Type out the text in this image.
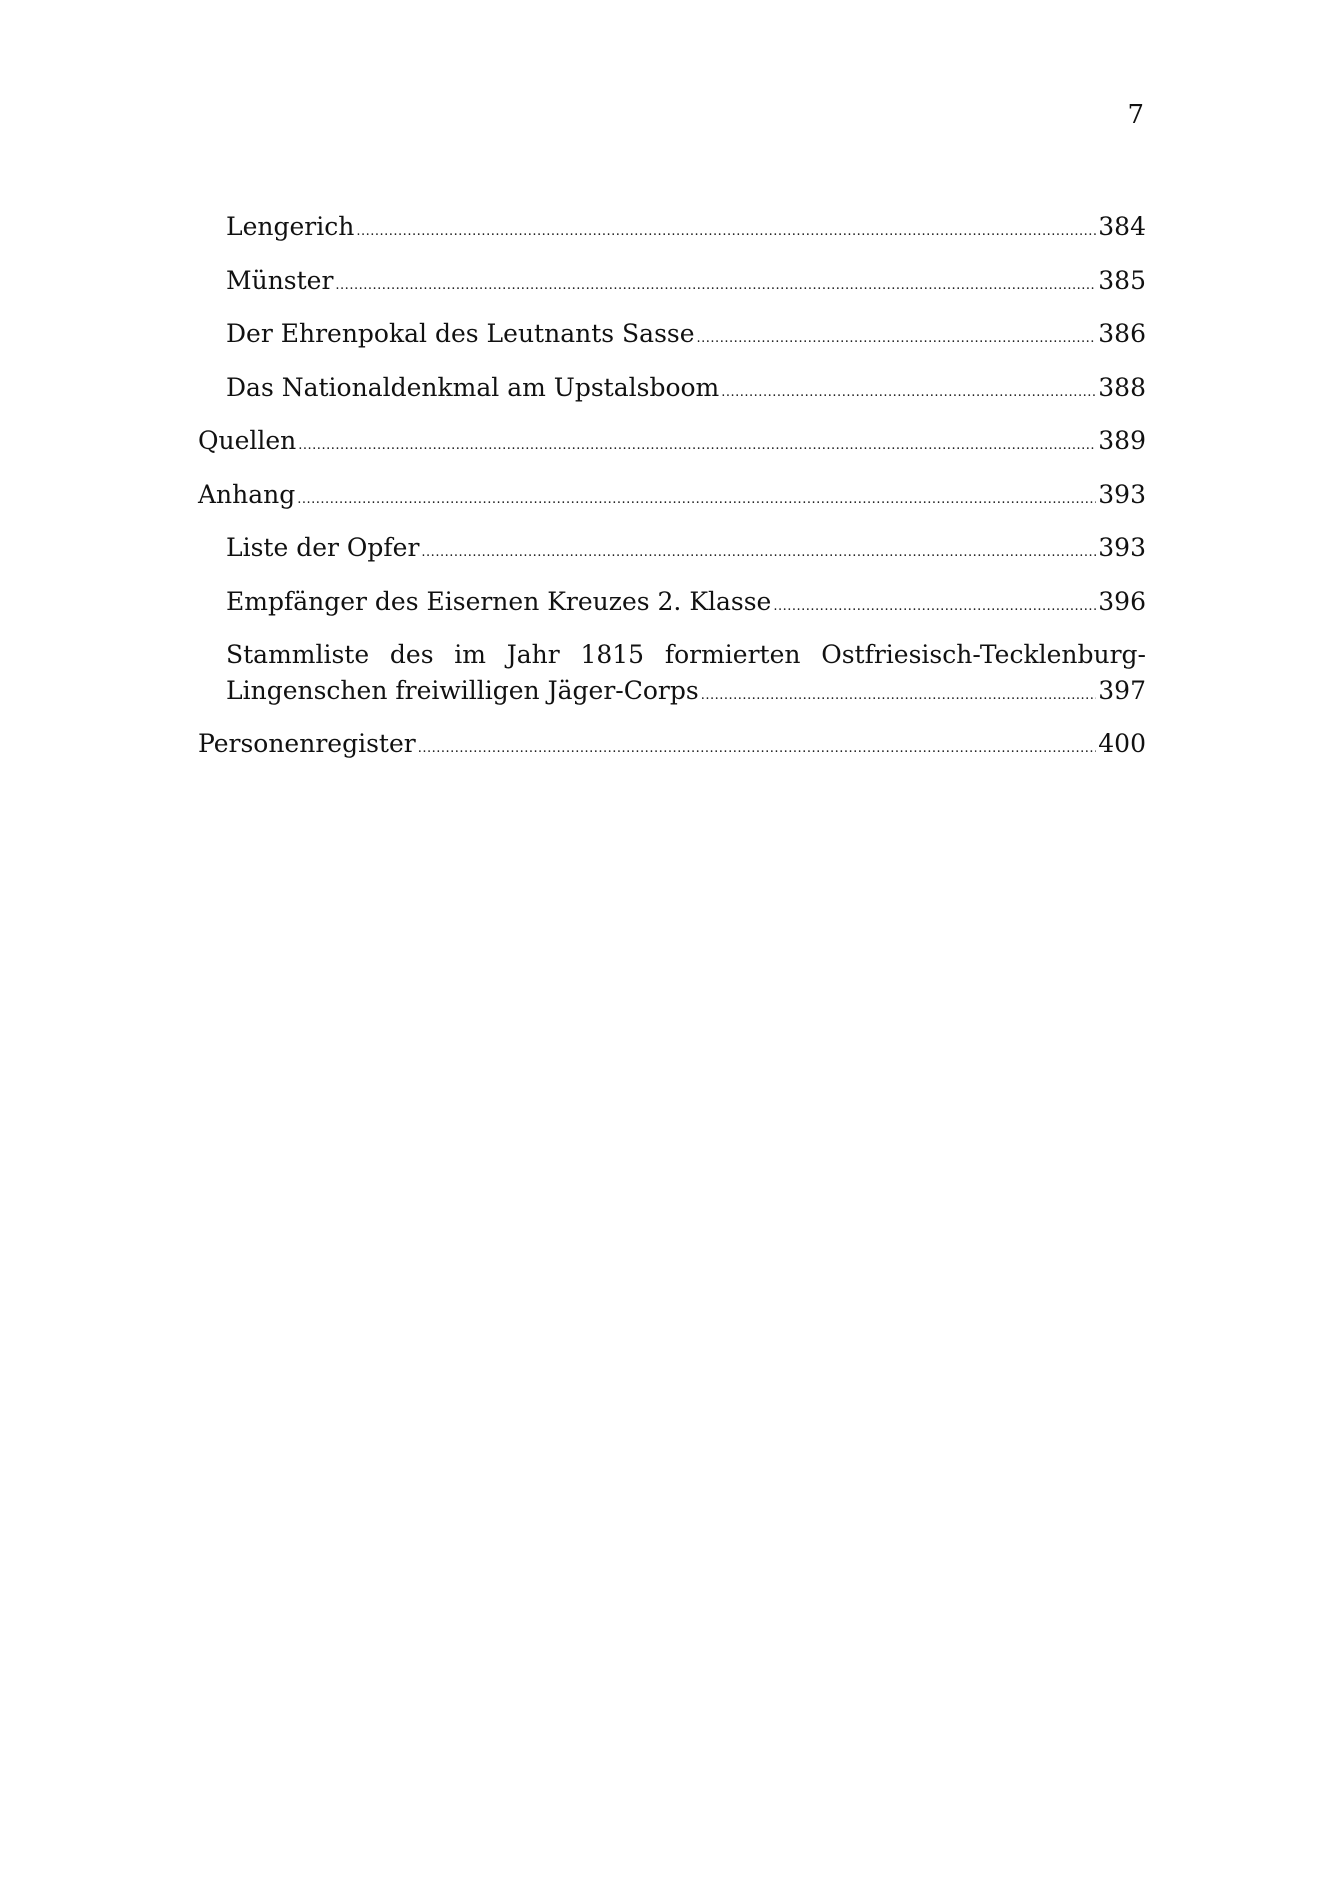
7
Lengerich .....	384
Münster .....	385
Der Ehrenpokal des Leutnants Sasse .....	386
Das Nationaldenkmal am Upstalsboom .....	388
Quellen .....	389
Anhang .....	393
Liste der Opfer .....	393
Empfänger des Eisernen Kreuzes 2. Klasse .....	396
Stammliste des im Jahr 1815 formierten Ostfriesisch-Tecklenburg-
Lingenschen freiwilligen Jäger-Corps .....	397
Personenregister .....	400
